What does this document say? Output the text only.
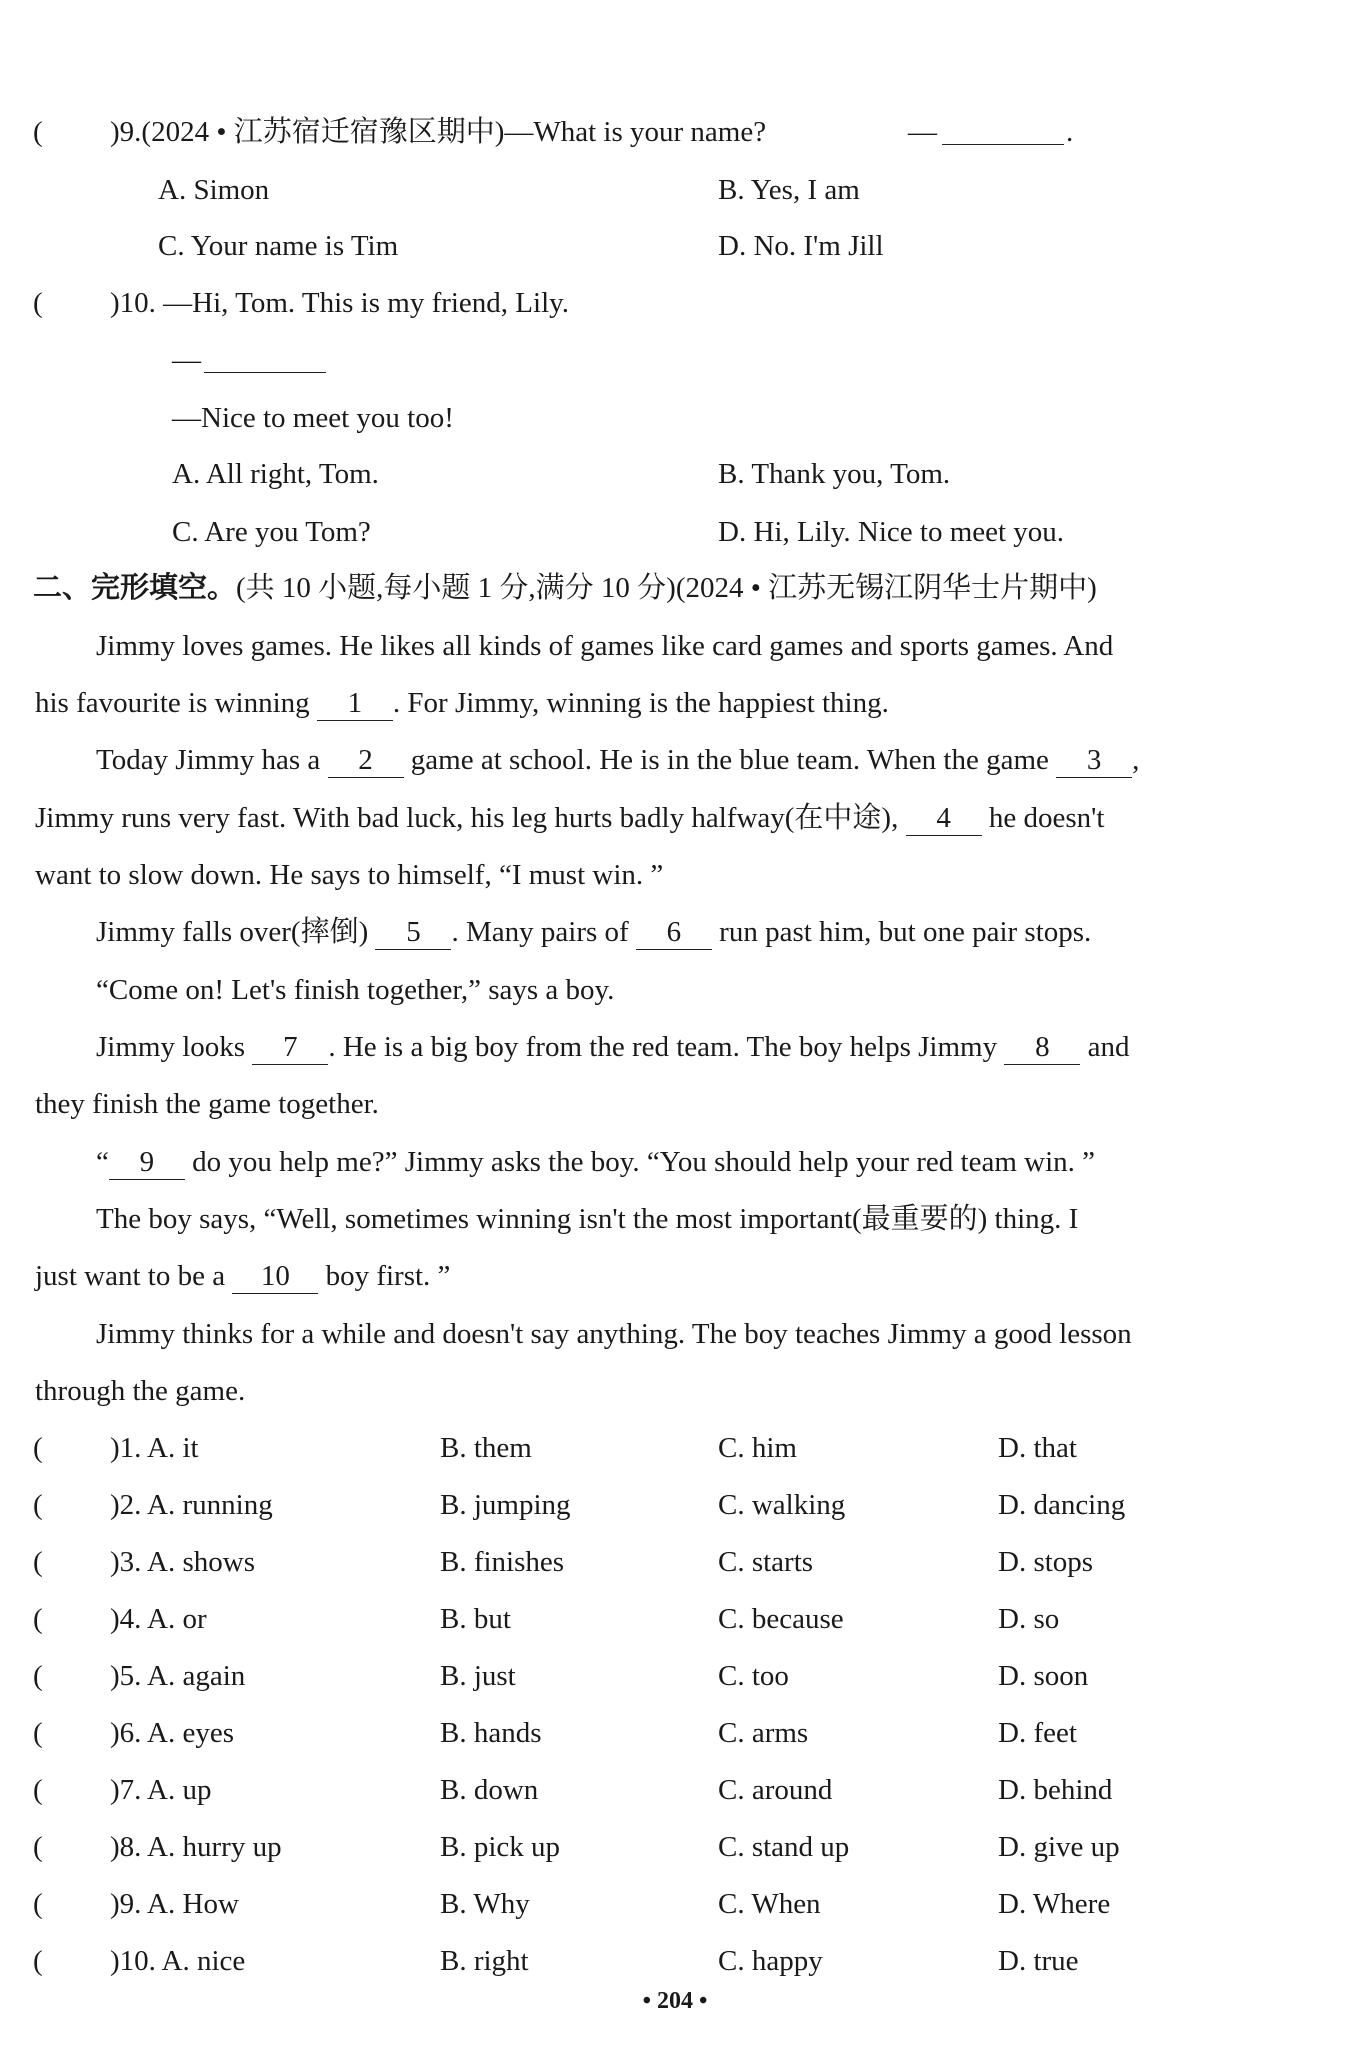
( )9.(2024 • 江苏宿迁宿豫区期中)—What is your name?	—	.
A. Simon	B. Yes, I am
C. Your name is Tim	D. No. I'm Jill
( )10. —Hi, Tom. This is my friend, Lily.
—
—Nice to meet you too!
A. All right, Tom.	B. Thank you, Tom.
C. Are you Tom?	D. Hi, Lily. Nice to meet you.
二、完形填空。(共 10 小题,每小题 1 分,满分 10 分)(2024 • 江苏无锡江阴华士片期中)
Jimmy loves games. He likes all kinds of games like card games and sports games. And
his favourite is winning 1 . For Jimmy, winning is the happiest thing.
Today Jimmy has a 2 game at school. He is in the blue team. When the game 3 ,
Jimmy runs very fast. With bad luck, his leg hurts badly halfway(在中途), 4 he doesn't
want to slow down. He says to himself, “I must win. ”
Jimmy falls over(摔倒) 5 . Many pairs of 6 run past him, but one pair stops.
“Come on! Let's finish together,” says a boy.
Jimmy looks 7 . He is a big boy from the red team. The boy helps Jimmy 8 and
they finish the game together.
“ 9 do you help me?” Jimmy asks the boy. “You should help your red team win. ”
The boy says, “Well, sometimes winning isn't the most important(最重要的) thing. I
just want to be a 10 boy first. ”
Jimmy thinks for a while and doesn't say anything. The boy teaches Jimmy a good lesson
through the game.
( )1. A. it	B. them	C. him	D. that
( )2. A. running	B. jumping	C. walking	D. dancing
( )3. A. shows	B. finishes	C. starts	D. stops
( )4. A. or	B. but	C. because	D. so
( )5. A. again	B. just	C. too	D. soon
( )6. A. eyes	B. hands	C. arms	D. feet
( )7. A. up	B. down	C. around	D. behind
( )8. A. hurry up	B. pick up	C. stand up	D. give up
( )9. A. How	B. Why	C. When	D. Where
( )10. A. nice	B. right	C. happy	D. true
• 204 •
